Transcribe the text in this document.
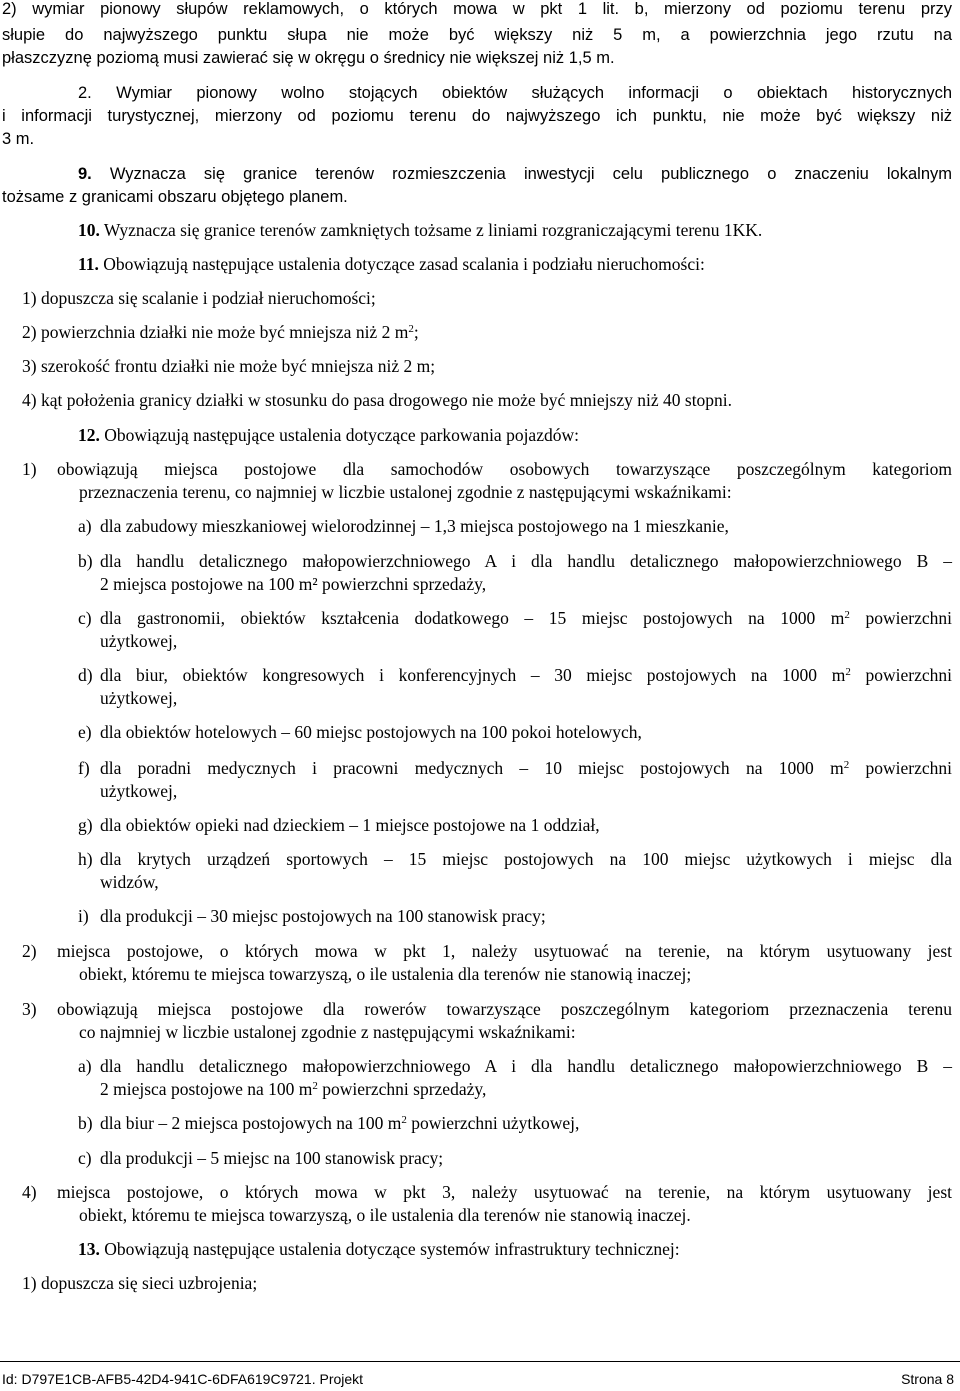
2) wymiar pionowy słupów reklamowych, o których mowa w pkt 1 lit. b, mierzony od poziomu terenu przy
słupie do najwyższego punktu słupa nie może być większy niż 5 m, a powierzchnia jego rzutu na
płaszczyznę poziomą musi zawierać się w okręgu o średnicy nie większej niż 1,5 m.
2. Wymiar pionowy wolno stojących obiektów służących informacji o obiektach historycznych
i informacji turystycznej, mierzony od poziomu terenu do najwyższego ich punktu, nie może być większy niż
3 m.
9. Wyznacza się granice terenów rozmieszczenia inwestycji celu publicznego o znaczeniu lokalnym
tożsame z granicami obszaru objętego planem.
10. Wyznacza się granice terenów zamkniętych tożsame z liniami rozgraniczającymi terenu 1KK.
11. Obowiązują następujące ustalenia dotyczące zasad scalania i podziału nieruchomości:
1) dopuszcza się scalanie i podział nieruchomości;
2) powierzchnia działki nie może być mniejsza niż 2 $m^2$;
3) szerokość frontu działki nie może być mniejsza niż 2 m;
4) kąt położenia granicy działki w stosunku do pasa drogowego nie może być mniejszy niż 40 stopni.
12. Obowiązują następujące ustalenia dotyczące parkowania pojazdów:
1) obowiązują miejsca postojowe dla samochodów osobowych towarzyszące poszczególnym kategoriom
przeznaczenia terenu, co najmniej w liczbie ustalonej zgodnie z następującymi wskaźnikami:
a) dla zabudowy mieszkaniowej wielorodzinnej – 1,3 miejsca postojowego na 1 mieszkanie,
b) dla handlu detalicznego małopowierzchniowego A i dla handlu detalicznego małopowierzchniowego B –
2 miejsca postojowe na 100 m² powierzchni sprzedaży,
c) dla gastronomii, obiektów kształcenia dodatkowego – 15 miejsc postojowych na 1000 $m^2$ powierzchni
użytkowej,
d) dla biur, obiektów kongresowych i konferencyjnych – 30 miejsc postojowych na 1000 $m^2$ powierzchni
użytkowej,
e) dla obiektów hotelowych – 60 miejsc postojowych na 100 pokoi hotelowych,
f) dla poradni medycznych i pracowni medycznych – 10 miejsc postojowych na 1000 $m^2$ powierzchni
użytkowej,
g) dla obiektów opieki nad dzieckiem – 1 miejsce postojowe na 1 oddział,
h) dla krytych urządzeń sportowych – 15 miejsc postojowych na 100 miejsc użytkowych i miejsc dla
widzów,
i) dla produkcji – 30 miejsc postojowych na 100 stanowisk pracy;
2) miejsca postojowe, o których mowa w pkt 1, należy usytuować na terenie, na którym usytuowany jest
obiekt, któremu te miejsca towarzyszą, o ile ustalenia dla terenów nie stanowią inaczej;
3) obowiązują miejsca postojowe dla rowerów towarzyszące poszczególnym kategoriom przeznaczenia terenu
co najmniej w liczbie ustalonej zgodnie z następującymi wskaźnikami:
a) dla handlu detalicznego małopowierzchniowego A i dla handlu detalicznego małopowierzchniowego B –
2 miejsca postojowe na 100 $m^2$ powierzchni sprzedaży,
b) dla biur – 2 miejsca postojowych na 100 $m^2$ powierzchni użytkowej,
c) dla produkcji – 5 miejsc na 100 stanowisk pracy;
4) miejsca postojowe, o których mowa w pkt 3, należy usytuować na terenie, na którym usytuowany jest
obiekt, któremu te miejsca towarzyszą, o ile ustalenia dla terenów nie stanowią inaczej.
13. Obowiązują następujące ustalenia dotyczące systemów infrastruktury technicznej:
1) dopuszcza się sieci uzbrojenia;
Id: D797E1CB-AFB5-42D4-941C-6DFA619C9721. Projekt	Strona 8
